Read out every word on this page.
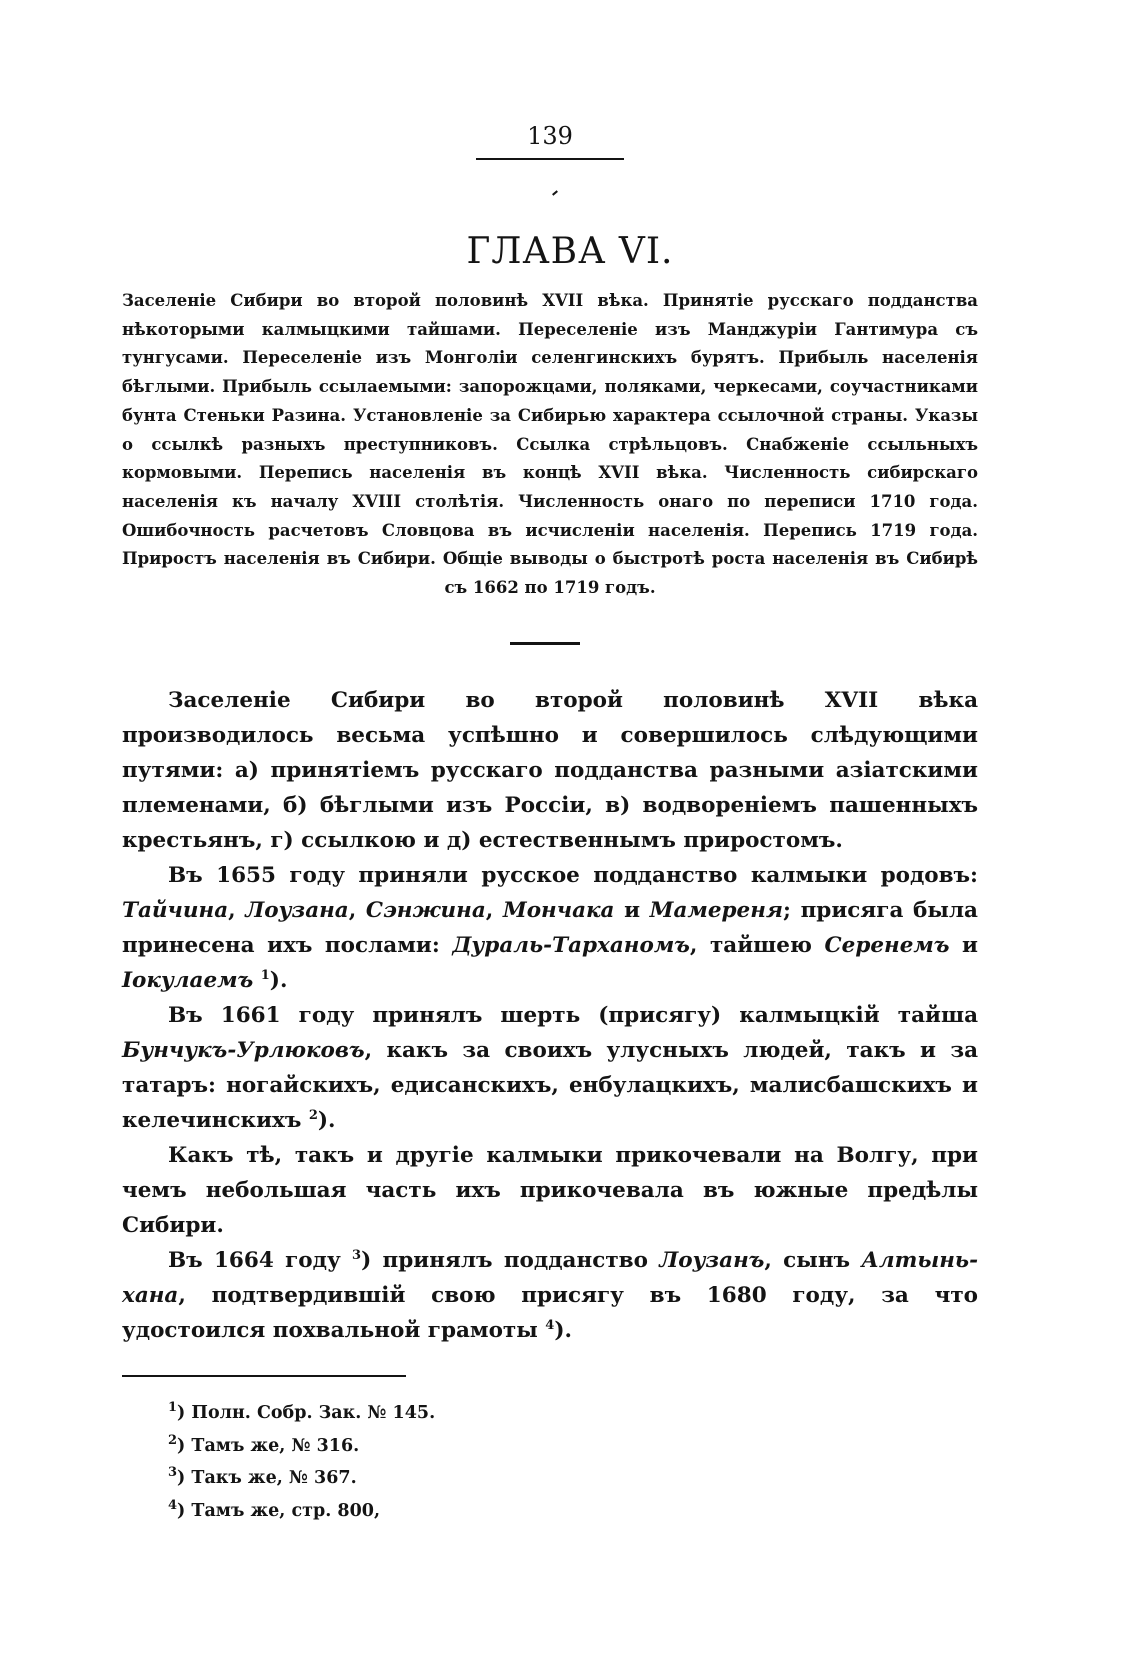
139
ГЛАВА VI.
Заселеніе Сибири во второй половинѣ XVII вѣка. Принятіе русскаго подданства нѣкоторыми калмыцкими тайшами. Переселеніе изъ Манджуріи Гантимура съ тунгусами. Переселеніе изъ Монголіи селенгинскихъ бурятъ. Прибыль населенія бѣглыми. Прибыль ссылаемыми: запорожцами, поляками, черкесами, соучастниками бунта Стеньки Разина. Установленіе за Сибирью характера ссылочной страны. Указы о ссылкѣ разныхъ преступниковъ. Ссылка стрѣльцовъ. Снабженіе ссыльныхъ кормовыми. Перепись населенія въ концѣ XVII вѣка. Численность сибирскаго населенія къ началу XVIII столѣтія. Численность онаго по переписи 1710 года. Ошибочность расчетовъ Словцова въ исчисленіи населенія. Перепись 1719 года. Приростъ населенія въ Сибири. Общіе выводы о быстротѣ роста населенія въ Сибирѣ съ 1662 по 1719 годъ.

Заселеніе Сибири во второй половинѣ XVII вѣка производилось весьма успѣшно и совершилось слѣдующими путями: а) принятіемъ русскаго подданства разными азіатскими племенами, б) бѣглыми изъ Россіи, в) водвореніемъ пашенныхъ крестьянъ, г) ссылкою и д) естественнымъ приростомъ.

Въ 1655 году приняли русское подданство калмыки родовъ: Тайчина, Лоузана, Сэнжина, Мончака и Мамереня; присяга была принесена ихъ послами: Дураль-Тарханомъ, тайшею Серенемъ и Іокулаемъ $^1$).

Въ 1661 году принялъ шерть (присягу) калмыцкій тайша Бунчукъ-Урлюковъ, какъ за своихъ улусныхъ людей, такъ и за татаръ: ногайскихъ, едисанскихъ, енбулацкихъ, малисбашскихъ и келечинскихъ $^2$).

Какъ тѣ, такъ и другіе калмыки прикочевали на Волгу, при чемъ небольшая часть ихъ прикочевала въ южные предѣлы Сибири.

Въ 1664 году $^3$) принялъ подданство Лоузанъ, сынъ Алтынь-хана, подтвердившій свою присягу въ 1680 году, за что удостоился похвальной грамоты $^4$).

$^1$) Полн. Собр. Зак. № 145.
$^2$) Тамъ же, № 316.
$^3$) Такъ же, № 367.
$^4$) Тамъ же, стр. 800,
